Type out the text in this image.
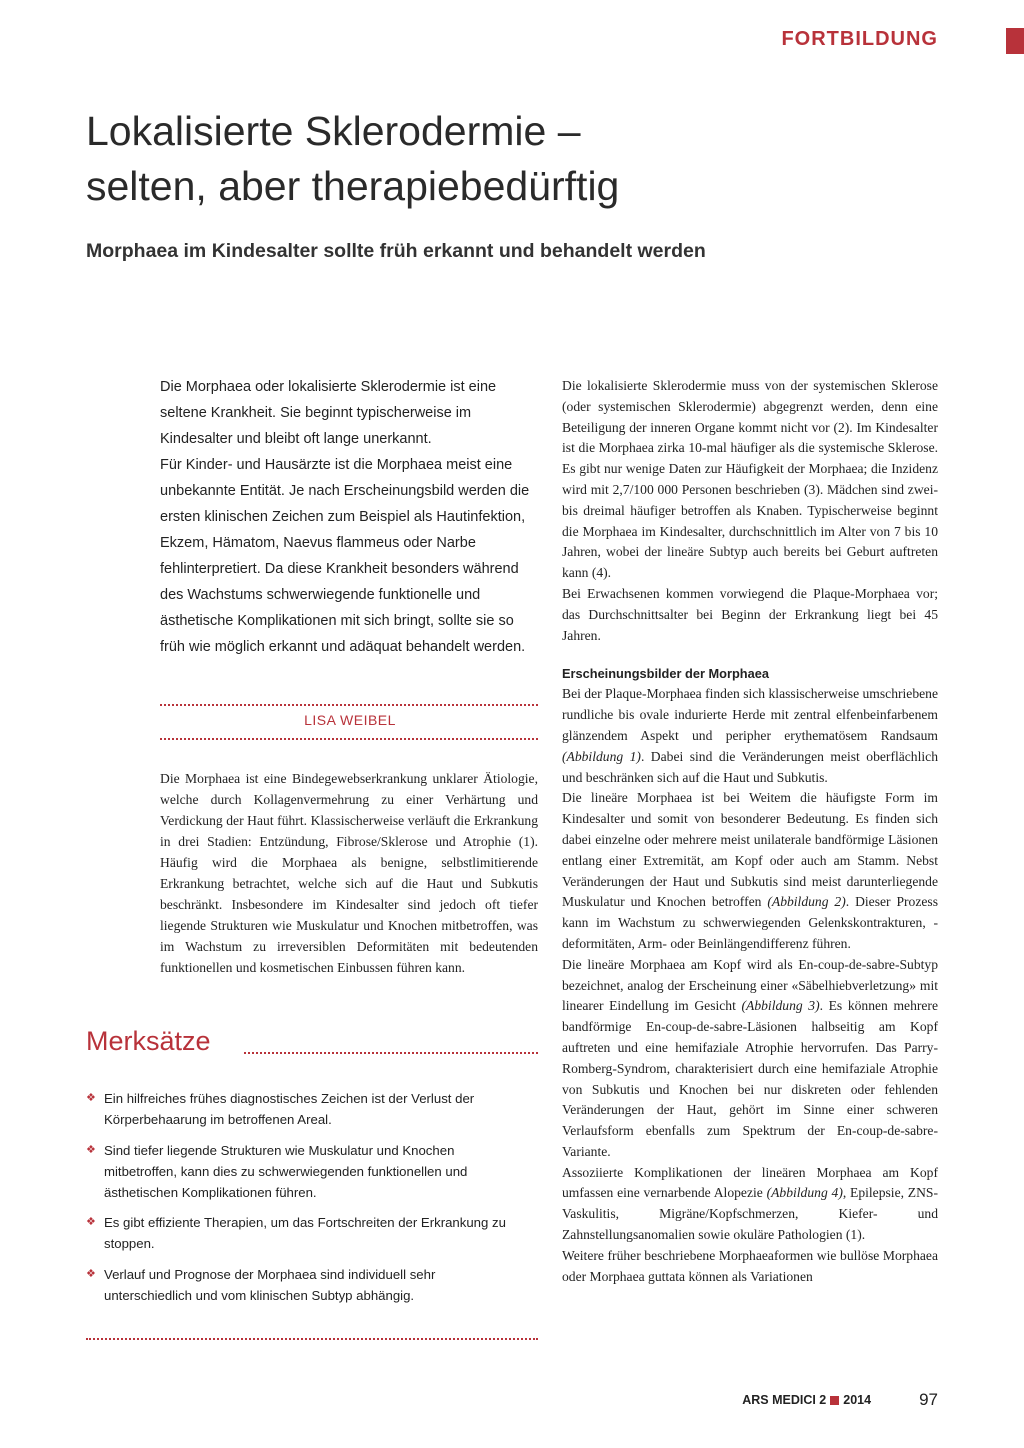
FORTBILDUNG
Lokalisierte Sklerodermie –
selten, aber therapiebedürftig
Morphaea im Kindesalter sollte früh erkannt und behandelt werden

Die Morphaea oder lokalisierte Sklerodermie ist eine seltene Krankheit. Sie beginnt typischerweise im Kindesalter und bleibt oft lange unerkannt.

Für Kinder- und Hausärzte ist die Morphaea meist eine unbekannte Entität. Je nach Erscheinungsbild werden die ersten klinischen Zeichen zum Beispiel als Hautinfektion, Ekzem, Hämatom, Naevus flammeus oder Narbe fehlinterpretiert. Da diese Krankheit besonders während des Wachstums schwerwiegende funktionelle und ästhetische Komplikationen mit sich bringt, sollte sie so früh wie möglich erkannt und adäquat behandelt werden.

LISA WEIBEL
Die Morphaea ist eine Bindegewebserkrankung unklarer Ätiologie, welche durch Kollagenvermehrung zu einer Verhärtung und Verdickung der Haut führt. Klassischerweise verläuft die Erkrankung in drei Stadien: Entzündung, Fibrose/Sklerose und Atrophie (1). Häufig wird die Morphaea als benigne, selbstlimitierende Erkrankung betrachtet, welche sich auf die Haut und Subkutis beschränkt. Insbesondere im Kindesalter sind jedoch oft tiefer liegende Strukturen wie Muskulatur und Knochen mitbetroffen, was im Wachstum zu irreversiblen Deformitäten mit bedeutenden funktionellen und kosmetischen Einbussen führen kann.
Merksätze
❖ Ein hilfreiches frühes diagnostisches Zeichen ist der Verlust der Körperbehaarung im betroffenen Areal.
❖ Sind tiefer liegende Strukturen wie Muskulatur und Knochen mitbetroffen, kann dies zu schwerwiegenden funktionellen und ästhetischen Komplikationen führen.
❖ Es gibt effiziente Therapien, um das Fortschreiten der Erkrankung zu stoppen.
❖ Verlauf und Prognose der Morphaea sind individuell sehr unterschiedlich und vom klinischen Subtyp abhängig.

Die lokalisierte Sklerodermie muss von der systemischen Sklerose (oder systemischen Sklerodermie) abgegrenzt werden, denn eine Beteiligung der inneren Organe kommt nicht vor (2). Im Kindesalter ist die Morphaea zirka 10-mal häufiger als die systemische Sklerose. Es gibt nur wenige Daten zur Häufigkeit der Morphaea; die Inzidenz wird mit 2,7/100 000 Personen beschrieben (3). Mädchen sind zwei- bis dreimal häufiger betroffen als Knaben. Typischerweise beginnt die Morphaea im Kindesalter, durchschnittlich im Alter von 7 bis 10 Jahren, wobei der lineäre Subtyp auch bereits bei Geburt auftreten kann (4).

Bei Erwachsenen kommen vorwiegend die Plaque-Morphaea vor; das Durchschnittsalter bei Beginn der Erkrankung liegt bei 45 Jahren.

Erscheinungsbilder der Morphaea

Bei der Plaque-Morphaea finden sich klassischerweise umschriebene rundliche bis ovale indurierte Herde mit zentral elfenbeinfarbenem glänzendem Aspekt und peripher erythematösem Randsaum (Abbildung 1). Dabei sind die Veränderungen meist oberflächlich und beschränken sich auf die Haut und Subkutis.

Die lineäre Morphaea ist bei Weitem die häufigste Form im Kindesalter und somit von besonderer Bedeutung. Es finden sich dabei einzelne oder mehrere meist unilaterale bandförmige Läsionen entlang einer Extremität, am Kopf oder auch am Stamm. Nebst Veränderungen der Haut und Subkutis sind meist darunterliegende Muskulatur und Knochen betroffen (Abbildung 2). Dieser Prozess kann im Wachstum zu schwerwiegenden Gelenkskontrakturen, -deformitäten, Arm- oder Beinlängendifferenz führen.

Die lineäre Morphaea am Kopf wird als En-coup-de-sabre-Subtyp bezeichnet, analog der Erscheinung einer «Säbelhiebverletzung» mit linearer Eindellung im Gesicht (Abbildung 3). Es können mehrere bandförmige En-coup-de-sabre-Läsionen halbseitig am Kopf auftreten und eine hemifaziale Atrophie hervorrufen. Das Parry-Romberg-Syndrom, charakterisiert durch eine hemifaziale Atrophie von Subkutis und Knochen bei nur diskreten oder fehlenden Veränderungen der Haut, gehört im Sinne einer schweren Verlaufsform ebenfalls zum Spektrum der En-coup-de-sabre-Variante.

Assoziierte Komplikationen der lineären Morphaea am Kopf umfassen eine vernarbende Alopezie (Abbildung 4), Epilepsie, ZNS-Vaskulitis, Migräne/Kopfschmerzen, Kiefer- und Zahnstellungsanomalien sowie okuläre Pathologien (1).

Weitere früher beschriebene Morphaeaformen wie bullöse Morphaea oder Morphaea guttata können als Variationen

ARS MEDICI 2 2014	97
